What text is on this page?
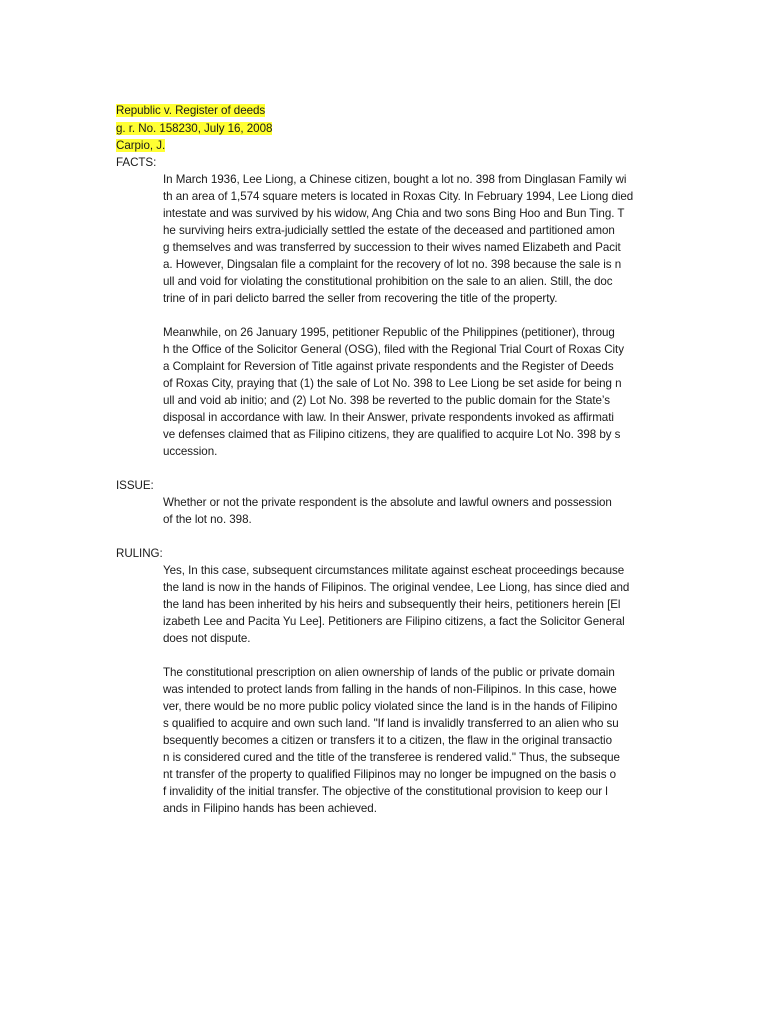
Republic v. Register of deeds
g. r. No. 158230, July 16, 2008
Carpio, J.
FACTS:
In March 1936, Lee Liong, a Chinese citizen, bought a lot no. 398 from Dinglasan Family wi
th an area of 1,574 square meters is located in Roxas City. In February 1994, Lee Liong died
intestate and was survived by his widow, Ang Chia and two sons Bing Hoo and Bun Ting. T
he surviving heirs extra-judicially settled the estate of the deceased and partitioned amon
g themselves and was transferred by succession to their wives named Elizabeth and Pacit
a. However, Dingsalan file a complaint for the recovery of lot no. 398 because the sale is n
ull and void for violating the constitutional prohibition on the sale to an alien. Still, the doc
trine of in pari delicto barred the seller from recovering the title of the property.
Meanwhile, on 26 January 1995, petitioner Republic of the Philippines (petitioner), throug
h the Office of the Solicitor General (OSG), filed with the Regional Trial Court of Roxas City
a Complaint for Reversion of Title against private respondents and the Register of Deeds
of Roxas City, praying that (1) the sale of Lot No. 398 to Lee Liong be set aside for being n
ull and void ab initio; and (2) Lot No. 398 be reverted to the public domain for the State’s
disposal in accordance with law. In their Answer, private respondents invoked as affirmati
ve defenses claimed that as Filipino citizens, they are qualified to acquire Lot No. 398 by s
uccession.
ISSUE:
Whether or not the private respondent is the absolute and lawful owners and possession
of the lot no. 398.
RULING:
Yes, In this case, subsequent circumstances militate against escheat proceedings because
the land is now in the hands of Filipinos. The original vendee, Lee Liong, has since died and
the land has been inherited by his heirs and subsequently their heirs, petitioners herein [El
izabeth Lee and Pacita Yu Lee]. Petitioners are Filipino citizens, a fact the Solicitor General
does not dispute.
The constitutional prescription on alien ownership of lands of the public or private domain
was intended to protect lands from falling in the hands of non-Filipinos. In this case, howe
ver, there would be no more public policy violated since the land is in the hands of Filipino
s qualified to acquire and own such land. "If land is invalidly transferred to an alien who su
bsequently becomes a citizen or transfers it to a citizen, the flaw in the original transactio
n is considered cured and the title of the transferee is rendered valid." Thus, the subseque
nt transfer of the property to qualified Filipinos may no longer be impugned on the basis o
f invalidity of the initial transfer. The objective of the constitutional provision to keep our l
ands in Filipino hands has been achieved.
